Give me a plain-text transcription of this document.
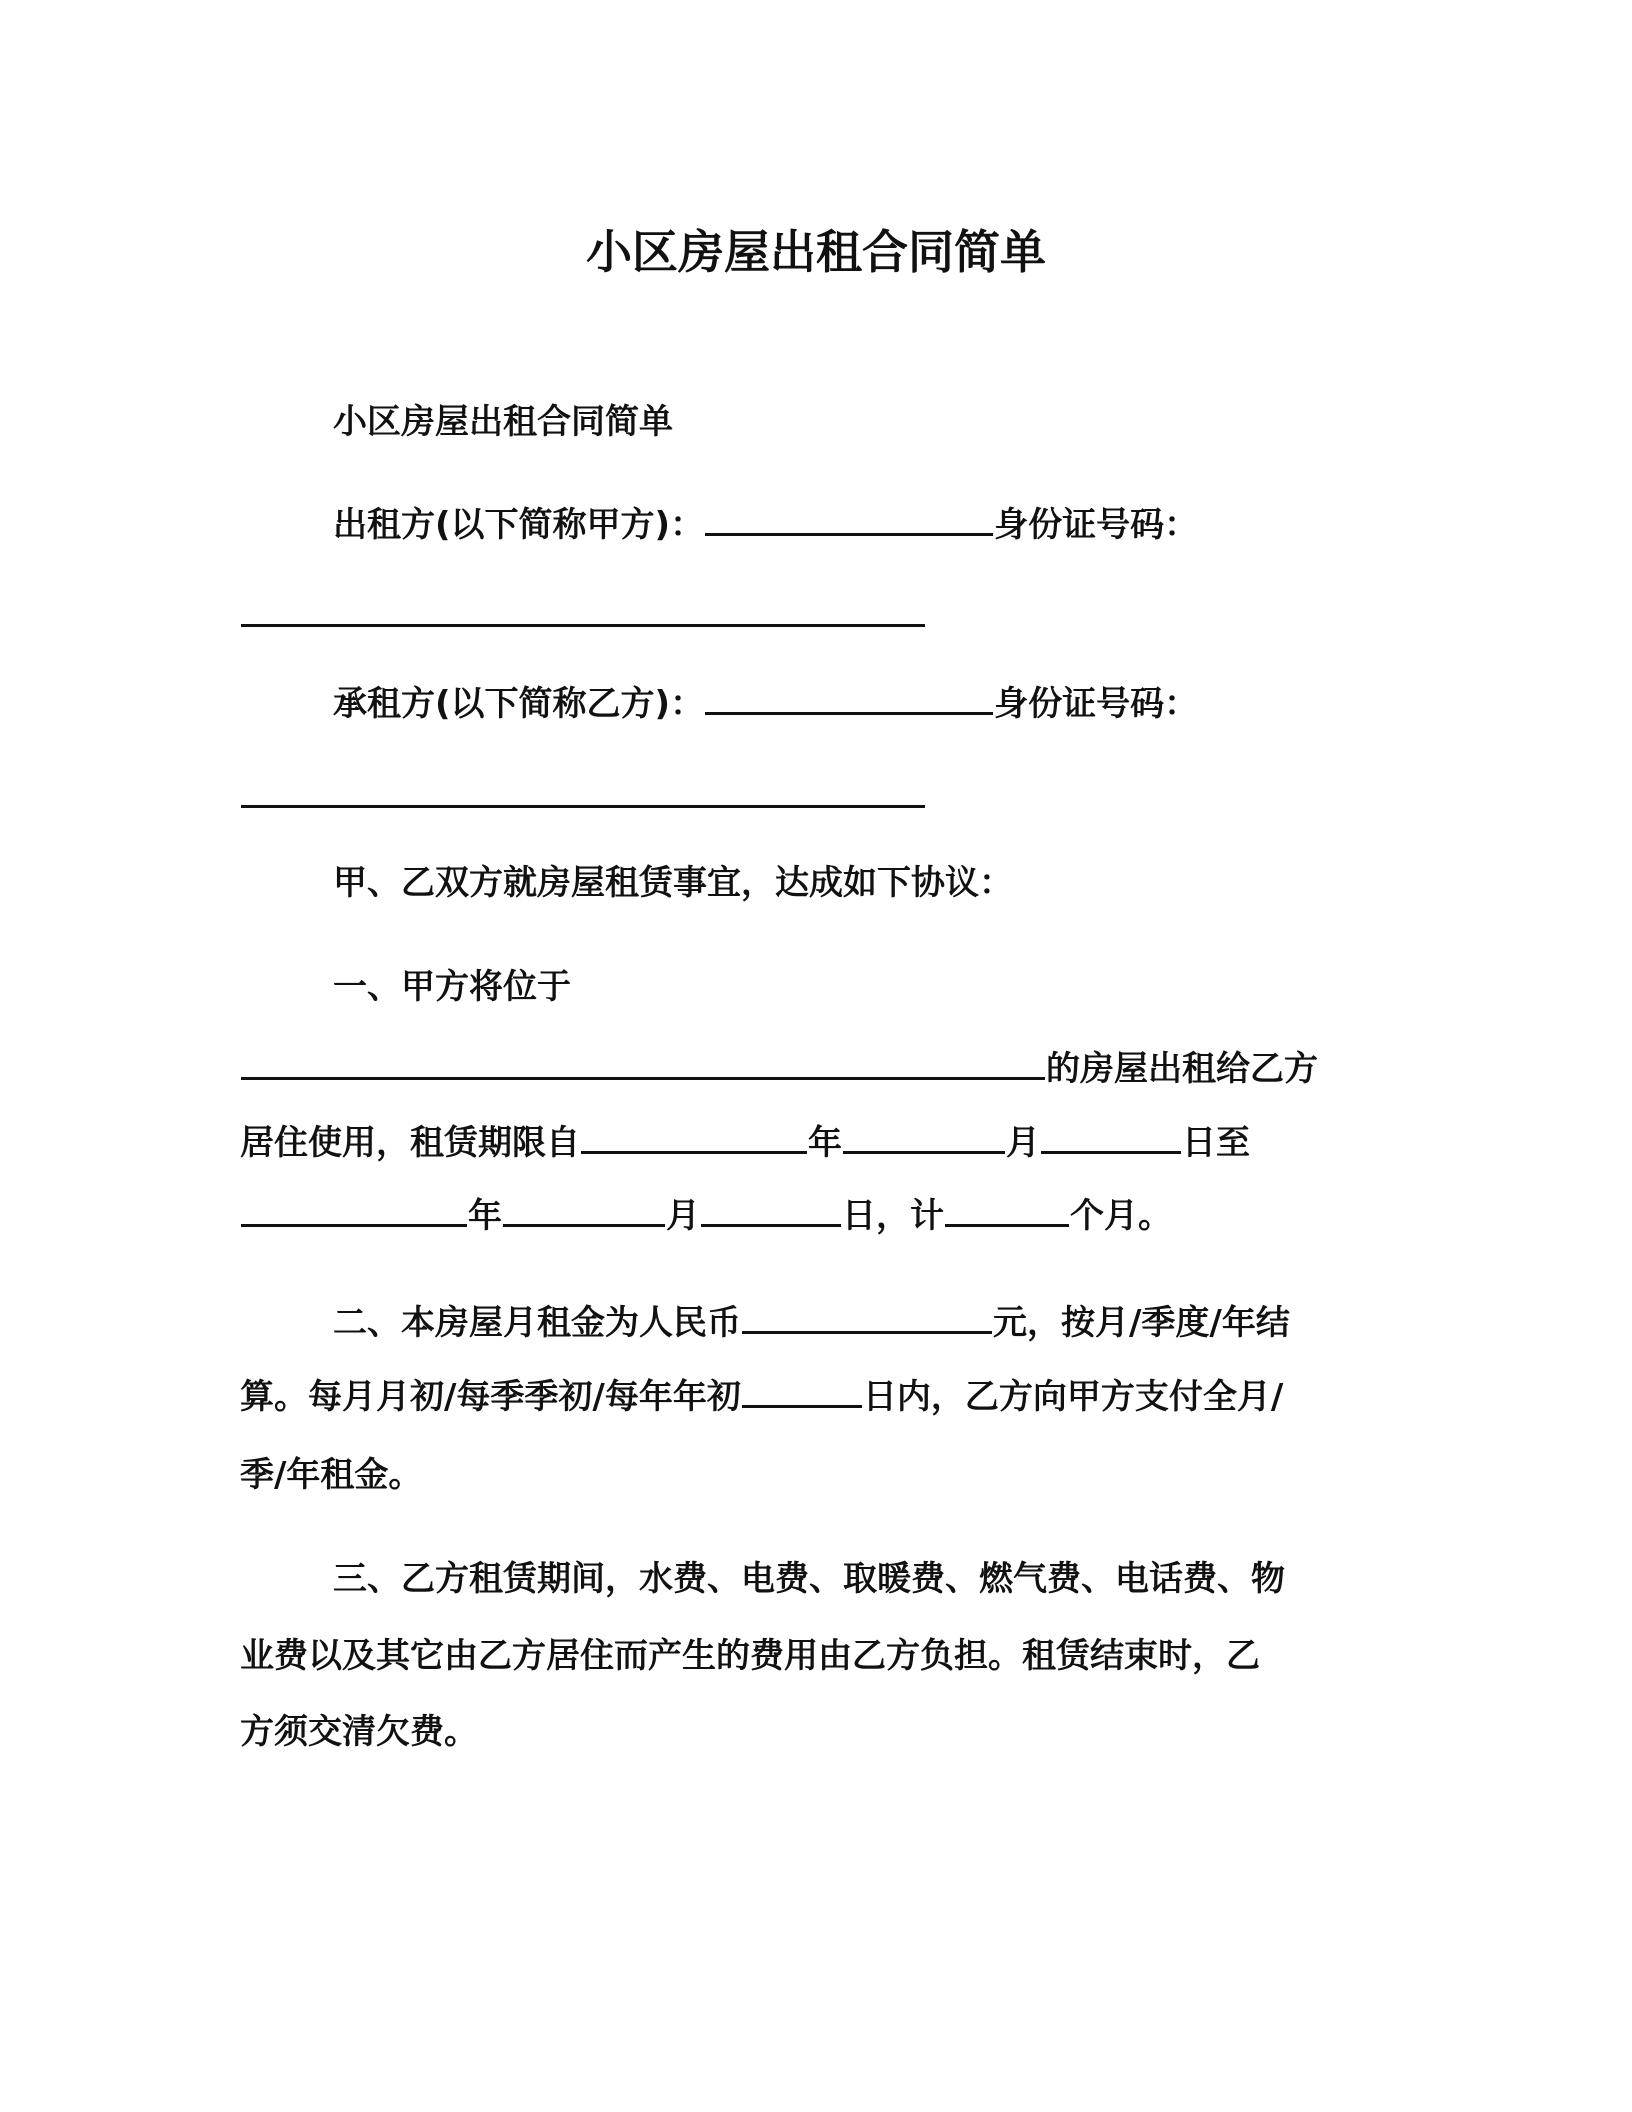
小区房屋出租合同简单
小区房屋出租合同简单
出租方(以下简称甲方)：	身份证号码：
承租方(以下简称乙方)：	身份证号码：
甲、乙双方就房屋租赁事宜，达成如下协议：
一、甲方将位于
的房屋出租给乙方
居住使用，租赁期限自	年	月	日至
年	月	日，计	个月。
二、本房屋月租金为人民币	元，按月/季度/年结
算。每月月初/每季季初/每年年初	日内，乙方向甲方支付全月/
季/年租金。
三、乙方租赁期间，水费、电费、取暖费、燃气费、电话费、物
业费以及其它由乙方居住而产生的费用由乙方负担。租赁结束时，乙
方须交清欠费。
